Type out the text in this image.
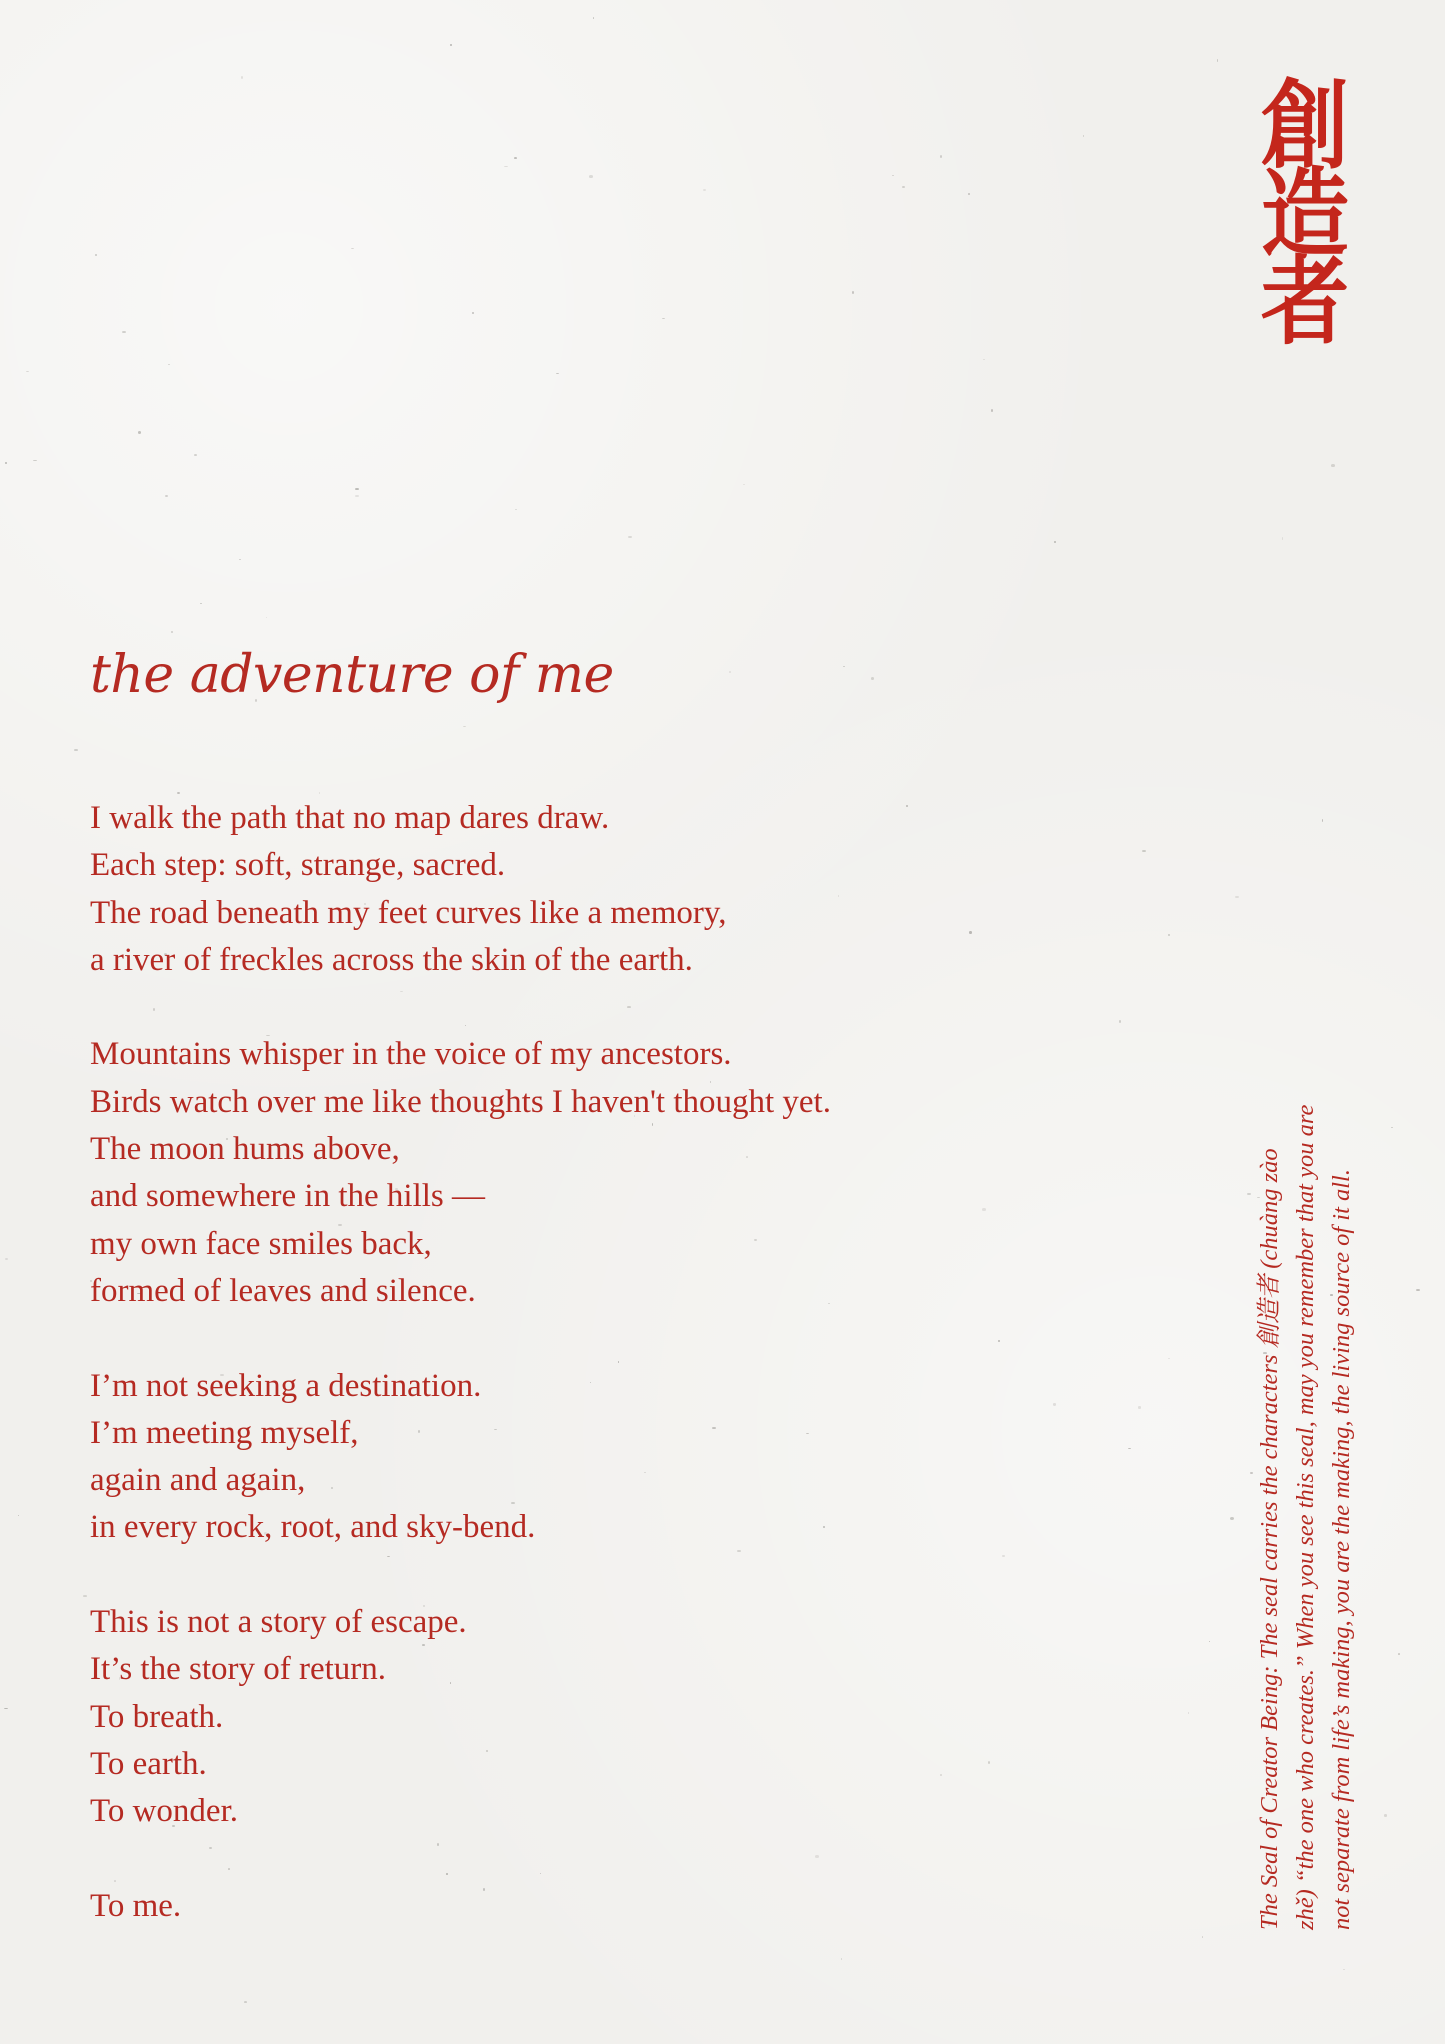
創
造
者
the adventure of me
I walk the path that no map dares draw.
Each step: soft, strange, sacred.
The road beneath my feet curves like a memory,
a river of freckles across the skin of the earth.
Mountains whisper in the voice of my ancestors.
Birds watch over me like thoughts I haven't thought yet.
The moon hums above,
and somewhere in the hills —
my own face smiles back,
formed of leaves and silence.
I’m not seeking a destination.
I’m meeting myself,
again and again,
in every rock, root, and sky-bend.
This is not a story of escape.
It’s the story of return.
To breath.
To earth.
To wonder.
To me.	The Seal of Creator Being: The seal carries the characters 創造者 (chuàng zào zhě) “the one who creates.” When you see this seal, may you remember that you are not separate from life’s making, you are the making, the living source of it all.
